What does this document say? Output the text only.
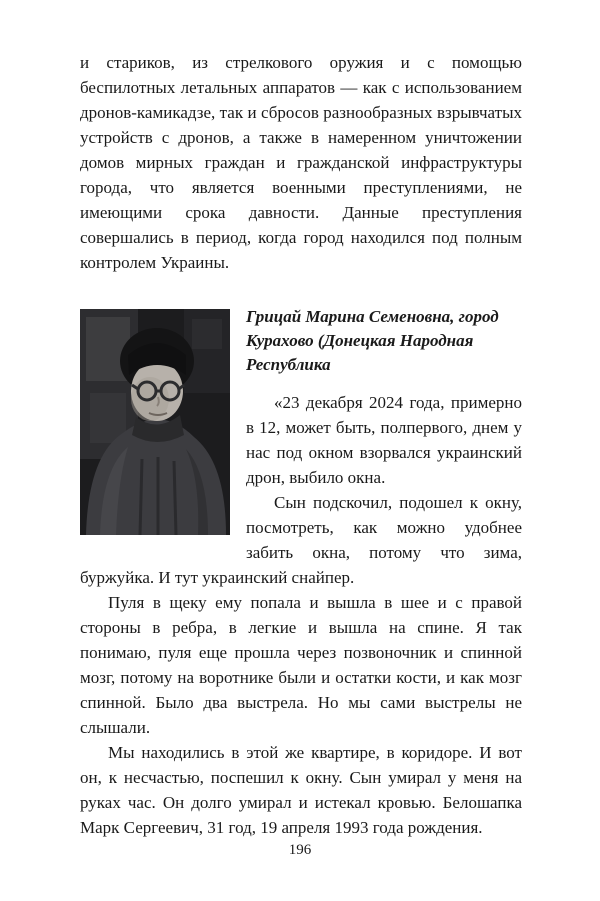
и стариков, из стрелкового оружия и с помощью беспилотных летальных аппаратов — как с использованием дронов-камикадзе, так и сбросов разнообразных взрывчатых устройств с дронов, а также в намеренном уничтожении домов мирных граждан и гражданской инфраструктуры города, что является военными преступлениями, не имеющими срока давности. Данные преступления совершались в период, когда город находился под полным контролем Украины.

Грицай Марина Семеновна, город Курахово (Донецкая Народная Республика

«23 декабря 2024 года, примерно в 12, может быть, полпервого, днем у нас под окном взорвался украинский дрон, выбило окна.

Сын подскочил, подошел к окну, посмотреть, как можно удобнее забить окна, потому что зима, буржуйка. И тут украинский снайпер.

Пуля в щеку ему попала и вышла в шее и с правой стороны в ребра, в легкие и вышла на спине. Я так понимаю, пуля еще прошла через позвоночник и спинной мозг, потому на воротнике были и остатки кости, и как мозг спинной. Было два выстрела. Но мы сами выстрелы не слышали.

Мы находились в этой же квартире, в коридоре. И вот он, к несчастью, поспешил к окну. Сын умирал у меня на руках час. Он долго умирал и истекал кровью. Белошапка Марк Сергеевич, 31 год, 19 апреля 1993 года рождения.

196
